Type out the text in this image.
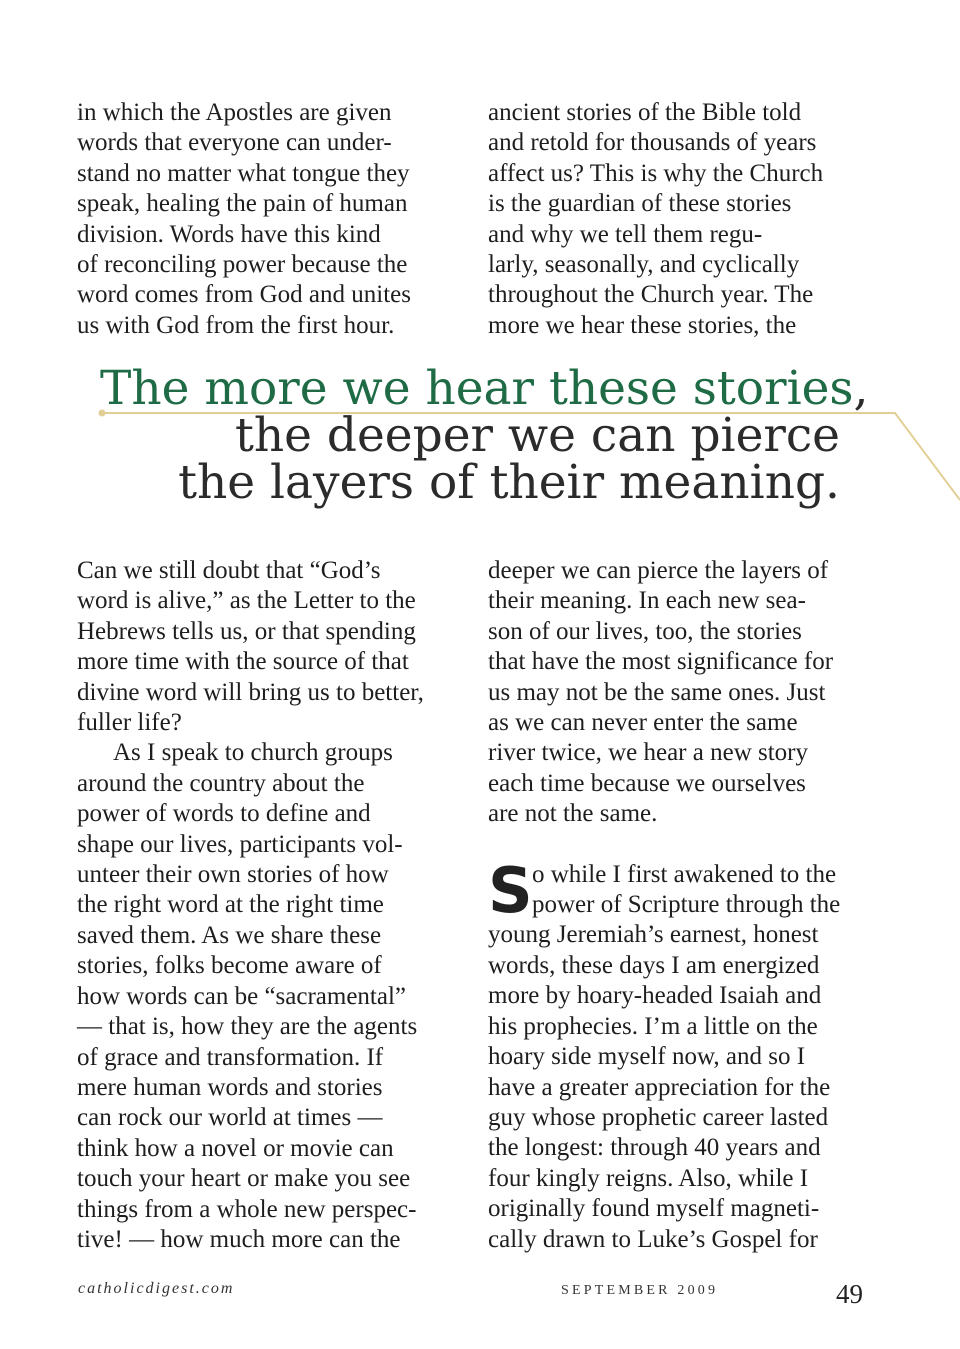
in which the Apostles are given
words that everyone can under-
stand no matter what tongue they
speak, healing the pain of human
division. Words have this kind
of reconciling power because the
word comes from God and unites
us with God from the first hour.
ancient stories of the Bible told
and retold for thousands of years
affect us? This is why the Church
is the guardian of these stories
and why we tell them regu-
larly, seasonally, and cyclically
throughout the Church year. The
more we hear these stories, the
The more we hear these stories,
the deeper we can pierce
the layers of their meaning.
Can we still doubt that “God’s
word is alive,” as the Letter to the
Hebrews tells us, or that spending
more time with the source of that
divine word will bring us to better,
fuller life?
As I speak to church groups
around the country about the
power of words to define and
shape our lives, participants vol-
unteer their own stories of how
the right word at the right time
saved them. As we share these
stories, folks become aware of
how words can be “sacramental”
— that is, how they are the agents
of grace and transformation. If
mere human words and stories
can rock our world at times —
think how a novel or movie can
touch your heart or make you see
things from a whole new perspec-
tive! — how much more can the
deeper we can pierce the layers of
their meaning. In each new sea-
son of our lives, too, the stories
that have the most significance for
us may not be the same ones. Just
as we can never enter the same
river twice, we hear a new story
each time because we ourselves
are not the same.
S o while I first awakened to the
power of Scripture through the
young Jeremiah’s earnest, honest
words, these days I am energized
more by hoary-headed Isaiah and
his prophecies. I’m a little on the
hoary side myself now, and so I
have a greater appreciation for the
guy whose prophetic career lasted
the longest: through 40 years and
four kingly reigns. Also, while I
originally found myself magneti-
cally drawn to Luke’s Gospel for
catholicdigest.com	SEPTEMBER 2009	49
